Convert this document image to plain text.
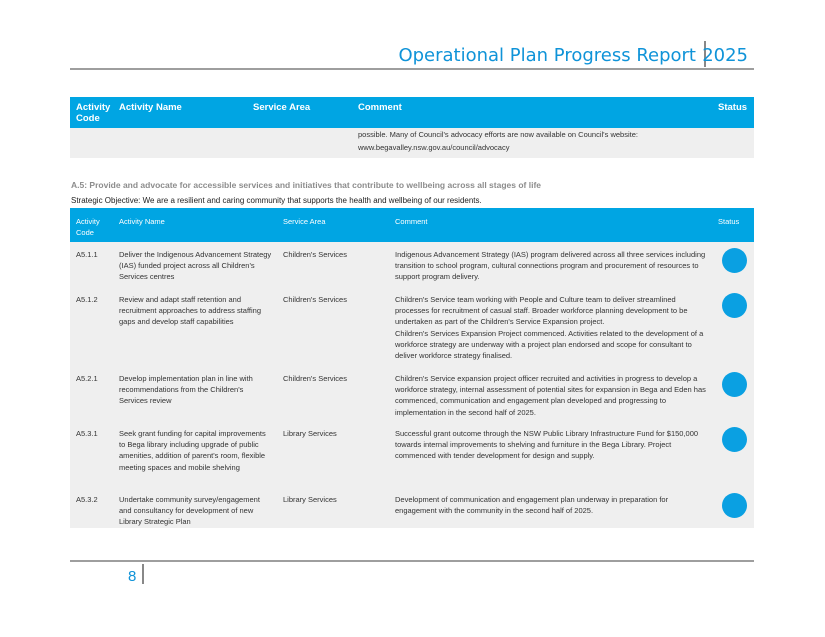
Operational Plan Progress Report 2025
Activity Code	Activity Name	Service Area	Comment	Status

			possible. Many of Council's advocacy efforts are now available on Council's website:
www.begavalley.nsw.gov.au/council/advocacy	

A.5: Provide and advocate for accessible services and initiatives that contribute to wellbeing across all stages of life
Strategic Objective: We are a resilient and caring community that supports the health and wellbeing of our residents.
Activity Code	Activity Name	Service Area	Comment	Status
A5.1.1	Deliver the Indigenous Advancement Strategy (IAS) funded project across all Children's Services centres	Children's Services	Indigenous Advancement Strategy (IAS) program delivered across all three services including transition to school program, cultural connections program and procurement of resources to support program delivery.	

A5.1.2	Review and adapt staff retention and recruitment approaches to address staffing gaps and develop staff capabilities	Children's Services	Children's Service team working with People and Culture team to deliver streamlined processes for recruitment of casual staff. Broader workforce planning development to be undertaken as part of the Children's Service Expansion project.
Children's Services Expansion Project commenced. Activities related to the development of a workforce strategy are underway with a project plan endorsed and scope for consultant to deliver workforce strategy finalised.	

A5.2.1	Develop implementation plan in line with recommendations from the Children's Services review	Children's Services	Children's Service expansion project officer recruited and activities in progress to develop a workforce strategy, internal assessment of potential sites for expansion in Bega and Eden has commenced, communication and engagement plan developed and progressing to implementation in the second half of 2025.	

A5.3.1	Seek grant funding for capital improvements to Bega library including upgrade of public amenities, addition of parent's room, flexible meeting spaces and mobile shelving	Library Services	Successful grant outcome through the NSW Public Library Infrastructure Fund for $150,000 towards internal improvements to shelving and furniture in the Bega Library. Project commenced with tender development for design and supply.	

A5.3.2	Undertake community survey/engagement and consultancy for development of new Library Strategic Plan	Library Services	Development of communication and engagement plan underway in preparation for engagement with the community in the second half of 2025.	
8
